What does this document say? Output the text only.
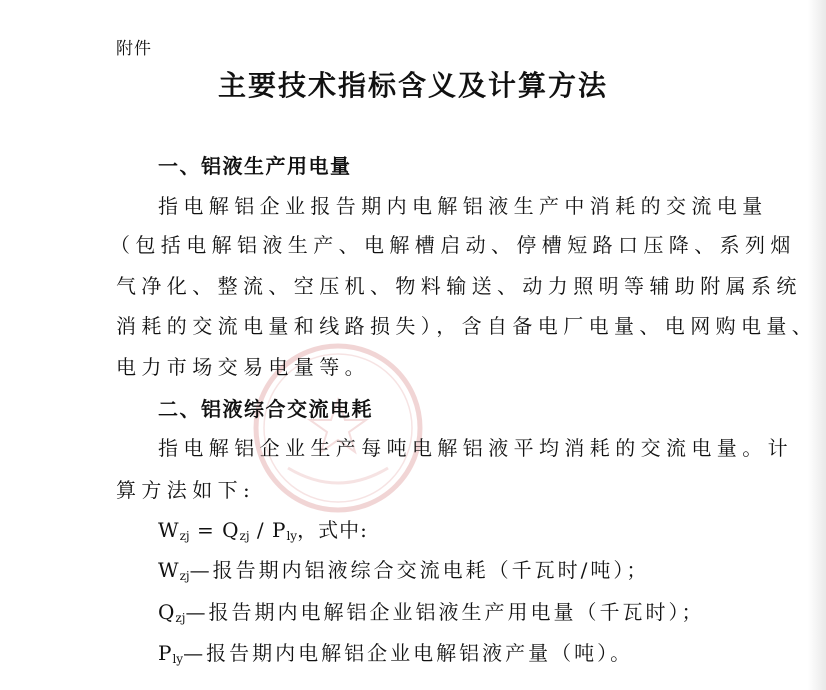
附件
主要技术指标含义及计算方法
一、铝液生产用电量
指电解铝企业报告期内电解铝液生产中消耗的交流电量
（包括电解铝液生产、电解槽启动、停槽短路口压降、系列烟
气净化、整流、空压机、物料输送、动力照明等辅助附属系统
消耗的交流电量和线路损失），含自备电厂电量、电网购电量、
电力市场交易电量等。
二、铝液综合交流电耗
指电解铝企业生产每吨电解铝液平均消耗的交流电量。计
算方法如下:
$W_{zj} = Q_{zj} / P_{ly}$，式中:
$W_{zj}—$报告期内铝液综合交流电耗（千瓦时/吨）；
$Q_{zj}—$报告期内电解铝企业铝液生产用电量（千瓦时）；
$P_{ly}—$报告期内电解铝企业电解铝液产量（吨）。
